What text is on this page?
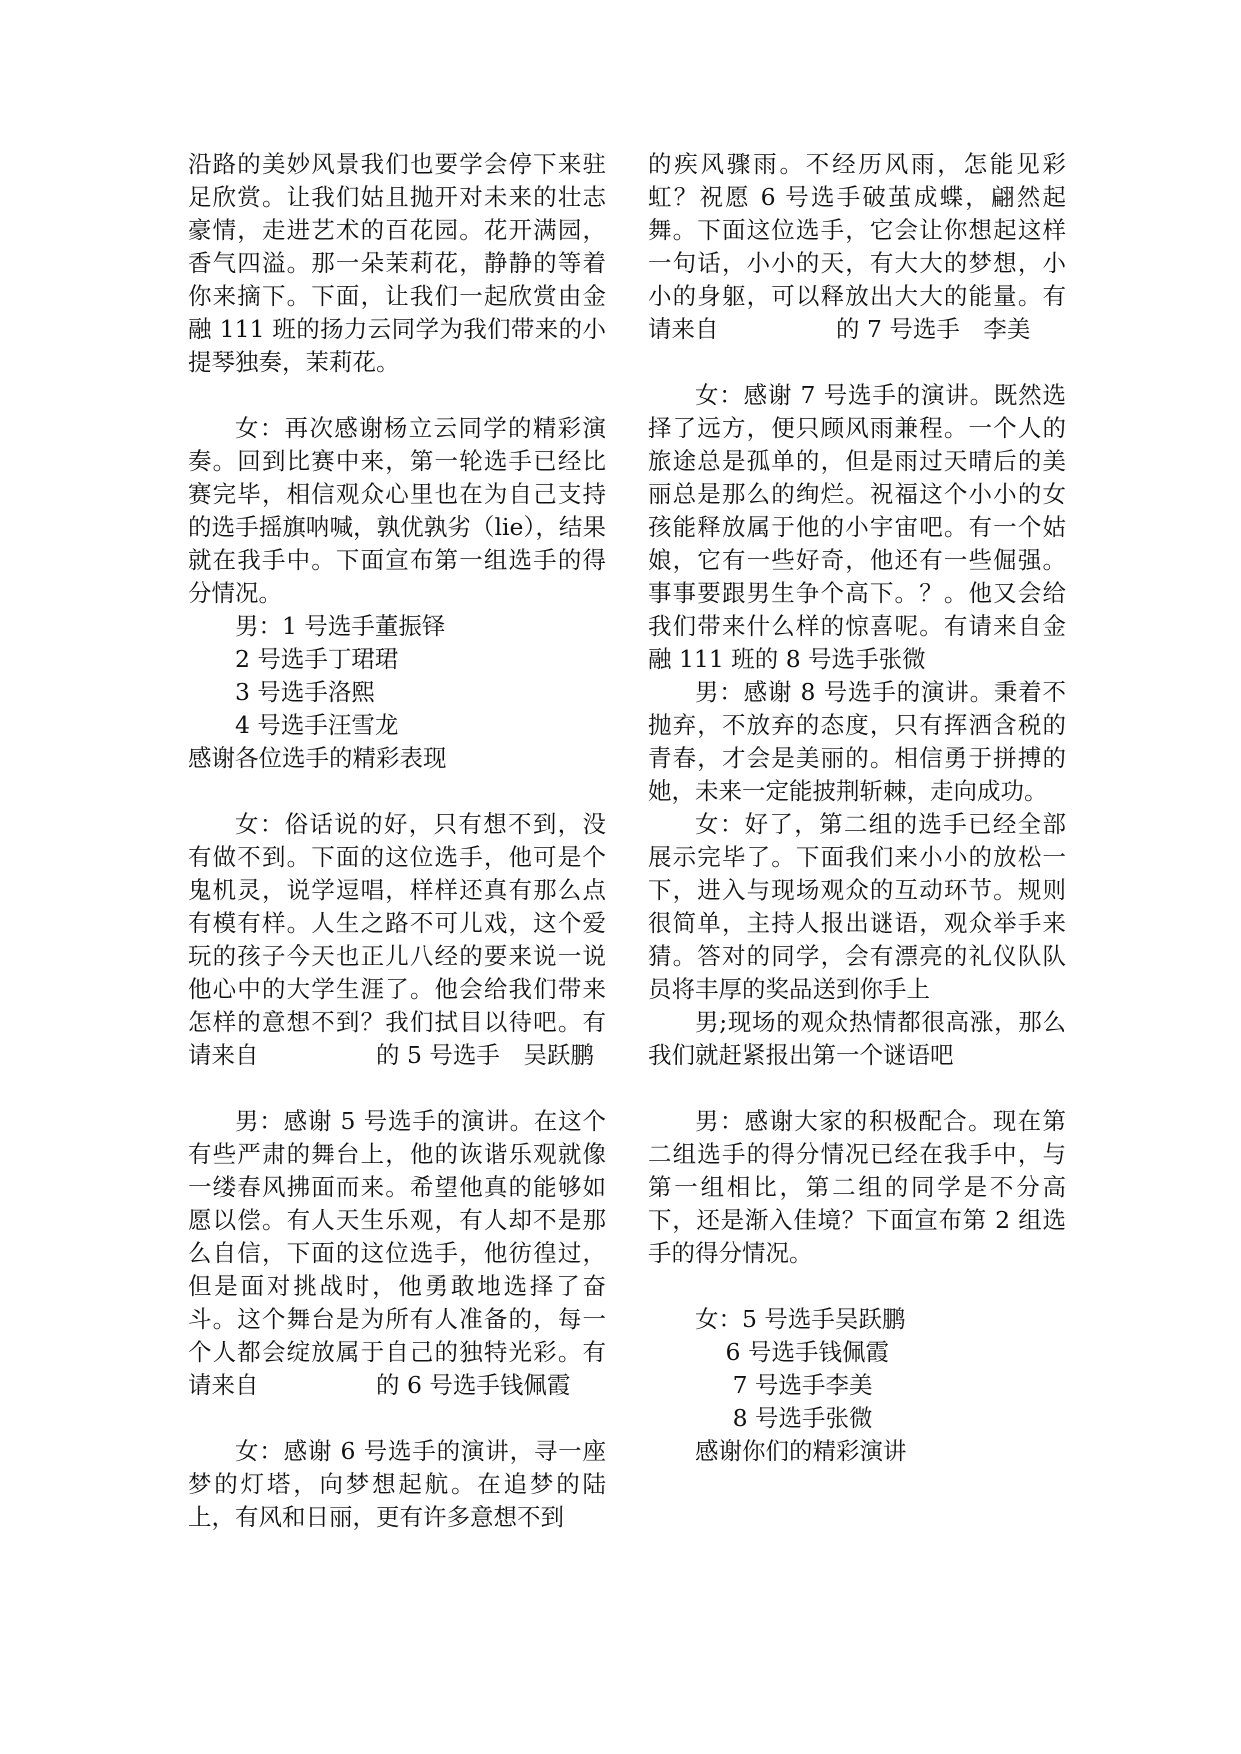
沿路的美妙风景我们也要学会停下来驻足欣赏。让我们姑且抛开对未来的壮志豪情，走进艺术的百花园。花开满园，香气四溢。那一朵茉莉花，静静的等着你来摘下。下面，让我们一起欣赏由金融 111 班的扬力云同学为我们带来的小提琴独奏，茉莉花。

女：再次感谢杨立云同学的精彩演奏。回到比赛中来，第一轮选手已经比赛完毕，相信观众心里也在为自己支持的选手摇旗呐喊，孰优孰劣（lie），结果就在我手中。下面宣布第一组选手的得分情况。

男：1 号选手董振铎

2 号选手丁珺珺

3 号选手洛熙

4 号选手汪雪龙

感谢各位选手的精彩表现

女：俗话说的好，只有想不到，没有做不到。下面的这位选手，他可是个鬼机灵，说学逗唱，样样还真有那么点有模有样。人生之路不可儿戏，这个爱玩的孩子今天也正儿八经的要来说一说他心中的大学生涯了。他会给我们带来怎样的意想不到？我们拭目以待吧。有请来自　　　　　的 5 号选手　吴跃鹏

男：感谢 5 号选手的演讲。在这个有些严肃的舞台上，他的诙谐乐观就像一缕春风拂面而来。希望他真的能够如愿以偿。有人天生乐观，有人却不是那么自信，下面的这位选手，他彷徨过，但是面对挑战时，他勇敢地选择了奋斗。这个舞台是为所有人准备的，每一个人都会绽放属于自己的独特光彩。有请来自　　　　　的 6 号选手钱佩霞

女：感谢 6 号选手的演讲，寻一座梦的灯塔，向梦想起航。在追梦的陆上，有风和日丽，更有许多意想不到

的疾风骤雨。不经历风雨，怎能见彩虹？祝愿 6 号选手破茧成蝶，翩然起舞。下面这位选手，它会让你想起这样一句话，小小的天，有大大的梦想，小小的身躯，可以释放出大大的能量。有请来自　　　　　的 7 号选手　李美

女：感谢 7 号选手的演讲。既然选择了远方，便只顾风雨兼程。一个人的旅途总是孤单的，但是雨过天晴后的美丽总是那么的绚烂。祝福这个小小的女孩能释放属于他的小宇宙吧。有一个姑娘，它有一些好奇，他还有一些倔强。事事要跟男生争个高下。？。他又会给我们带来什么样的惊喜呢。有请来自金融 111 班的 8 号选手张微

男：感谢 8 号选手的演讲。秉着不抛弃，不放弃的态度，只有挥洒含税的青春，才会是美丽的。相信勇于拼搏的她，未来一定能披荆斩棘，走向成功。

女：好了，第二组的选手已经全部展示完毕了。下面我们来小小的放松一下，进入与现场观众的互动环节。规则很简单，主持人报出谜语，观众举手来猜。答对的同学，会有漂亮的礼仪队队员将丰厚的奖品送到你手上

男;现场的观众热情都很高涨，那么我们就赶紧报出第一个谜语吧

男：感谢大家的积极配合。现在第二组选手的得分情况已经在我手中，与第一组相比，第二组的同学是不分高下，还是渐入佳境？下面宣布第 2 组选手的得分情况。

女：5 号选手吴跃鹏

6 号选手钱佩霞

7 号选手李美

8 号选手张微

感谢你们的精彩演讲
